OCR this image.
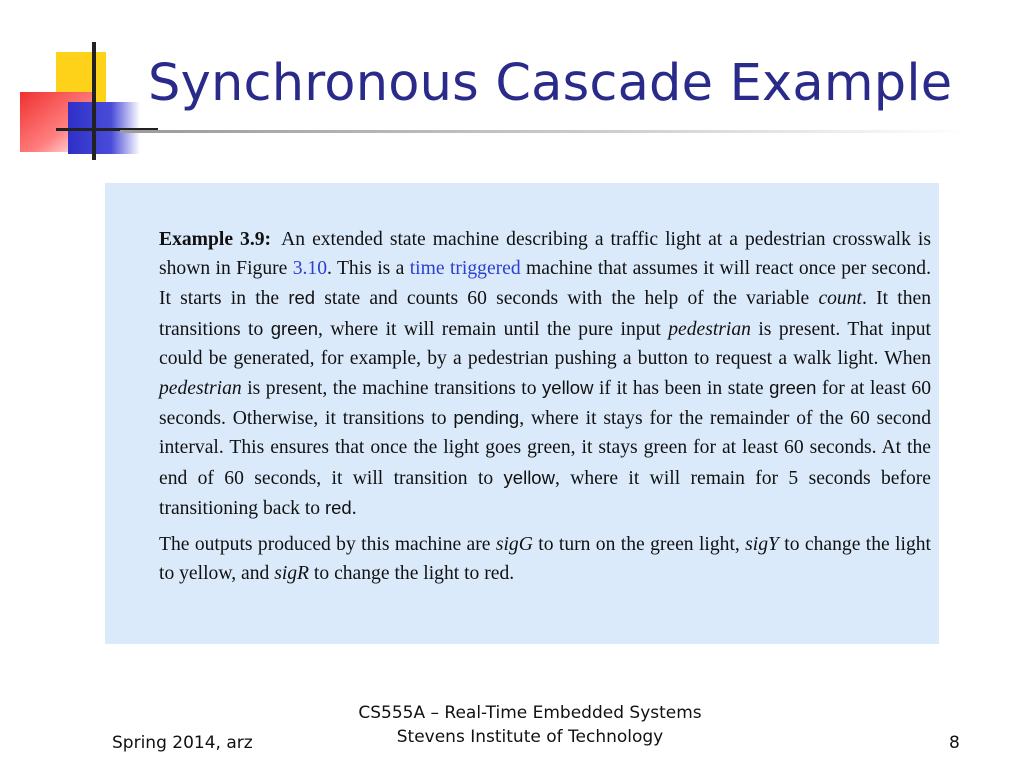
Synchronous Cascade Example

Example 3.9: An extended state machine describing a traffic light at a pedestrian crosswalk is shown in Figure 3.10. This is a time triggered machine that assumes it will react once per second. It starts in the red state and counts 60 seconds with the help of the variable count. It then transitions to green, where it will remain until the pure input pedestrian is present. That input could be generated, for example, by a pedestrian pushing a button to request a walk light. When pedestrian is present, the machine transitions to yellow if it has been in state green for at least 60 seconds. Otherwise, it transitions to pending, where it stays for the remainder of the 60 second interval. This ensures that once the light goes green, it stays green for at least 60 seconds. At the end of 60 seconds, it will transition to yellow, where it will remain for 5 seconds before transitioning back to red.

The outputs produced by this machine are sigG to turn on the green light, sigY to change the light to yellow, and sigR to change the light to red.

Spring 2014, arz
CS555A – Real-Time Embedded Systems
Stevens Institute of Technology	8
